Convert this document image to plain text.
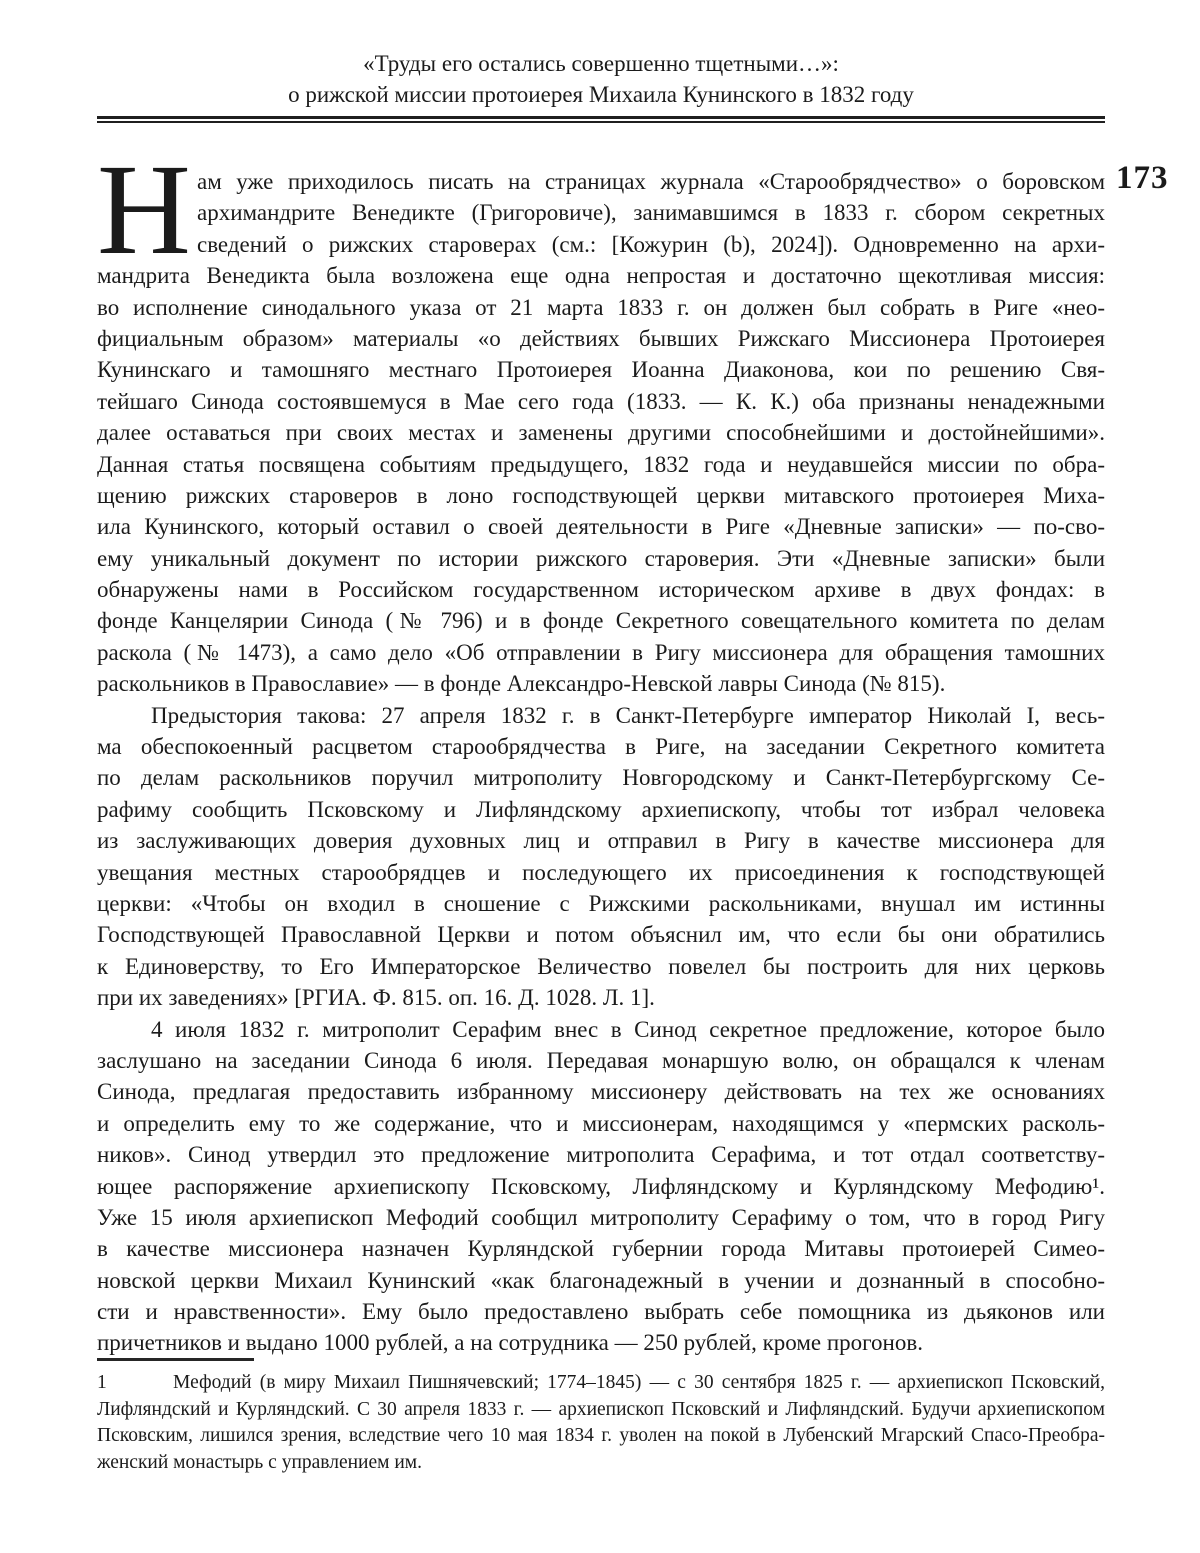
«Труды его остались совершенно тщетными…»:
о рижской миссии протоиерея Михаила Кунинского в 1832 году
173
Н ам уже приходилось писать на страницах журнала «Старообрядчество» о боровском
архимандрите Венедикте (Григоровиче), занимавшимся в 1833 г. сбором секретных
сведений о рижских староверах (см.: [Кожурин (b), 2024]). Одновременно на архи-
мандрита Венедикта была возложена еще одна непростая и достаточно щекотливая миссия:
во исполнение синодального указа от 21 марта 1833 г. он должен был собрать в Риге «нео-
фициальным образом» материалы «о действиях бывших Рижскаго Миссионера Протоиерея
Кунинскаго и тамошняго местнаго Протоиерея Иоанна Диаконова, кои по решению Свя-
тейшаго Синода состоявшемуся в Мае сего года (1833. — К. К.) оба признаны ненадежными
далее оставаться при своих местах и заменены другими способнейшими и достойнейшими».
Данная статья посвящена событиям предыдущего, 1832 года и неудавшейся миссии по обра-
щению рижских староверов в лоно господствующей церкви митавского протоиерея Миха-
ила Кунинского, который оставил о своей деятельности в Риге «Дневные записки» — по-сво-
ему уникальный документ по истории рижского староверия. Эти «Дневные записки» были
обнаружены нами в Российском государственном историческом архиве в двух фондах: в
фонде Канцелярии Синода (№ 796) и в фонде Секретного совещательного комитета по делам
раскола (№ 1473), а само дело «Об отправлении в Ригу миссионера для обращения тамошних
раскольников в Православие» — в фонде Александро-Невской лавры Синода (№ 815).
Предыстория такова: 27 апреля 1832 г. в Санкт-Петербурге император Николай I, весь-
ма обеспокоенный расцветом старообрядчества в Риге, на заседании Секретного комитета
по делам раскольников поручил митрополиту Новгородскому и Санкт-Петербургскому Се-
рафиму сообщить Псковскому и Лифляндскому архиепископу, чтобы тот избрал человека
из заслуживающих доверия духовных лиц и отправил в Ригу в качестве миссионера для
увещания местных старообрядцев и последующего их присоединения к господствующей
церкви: «Чтобы он входил в сношение с Рижскими раскольниками, внушал им истинны
Господствующей Православной Церкви и потом объяснил им, что если бы они обратились
к Единоверству, то Его Императорское Величество повелел бы построить для них церковь
при их заведениях» [РГИА. Ф. 815. оп. 16. Д. 1028. Л. 1].
4 июля 1832 г. митрополит Серафим внес в Синод секретное предложение, которое было
заслушано на заседании Синода 6 июля. Передавая монаршую волю, он обращался к членам
Синода, предлагая предоставить избранному миссионеру действовать на тех же основаниях
и определить ему то же содержание, что и миссионерам, находящимся у «пермских расколь-
ников». Синод утвердил это предложение митрополита Серафима, и тот отдал соответству-
ющее распоряжение архиепископу Псковскому, Лифляндскому и Курляндскому Мефодию¹.
Уже 15 июля архиепископ Мефодий сообщил митрополиту Серафиму о том, что в город Ригу
в качестве миссионера назначен Курляндской губернии города Митавы протоиерей Симео-
новской церкви Михаил Кунинский «как благонадежный в учении и дознанный в способно-
сти и нравственности». Ему было предоставлено выбрать себе помощника из дьяконов или
причетников и выдано 1000 рублей, а на сотрудника — 250 рублей, кроме прогонов.
1	Мефодий (в миру Михаил Пишнячевский; 1774–1845) — с 30 сентября 1825 г. — архиепископ Псковский,
Лифляндский и Курляндский. С 30 апреля 1833 г. — архиепископ Псковский и Лифляндский. Будучи архиепископом
Псковским, лишился зрения, вследствие чего 10 мая 1834 г. уволен на покой в Лубенский Мгарский Спасо-Преобра-
женский монастырь с управлением им.
